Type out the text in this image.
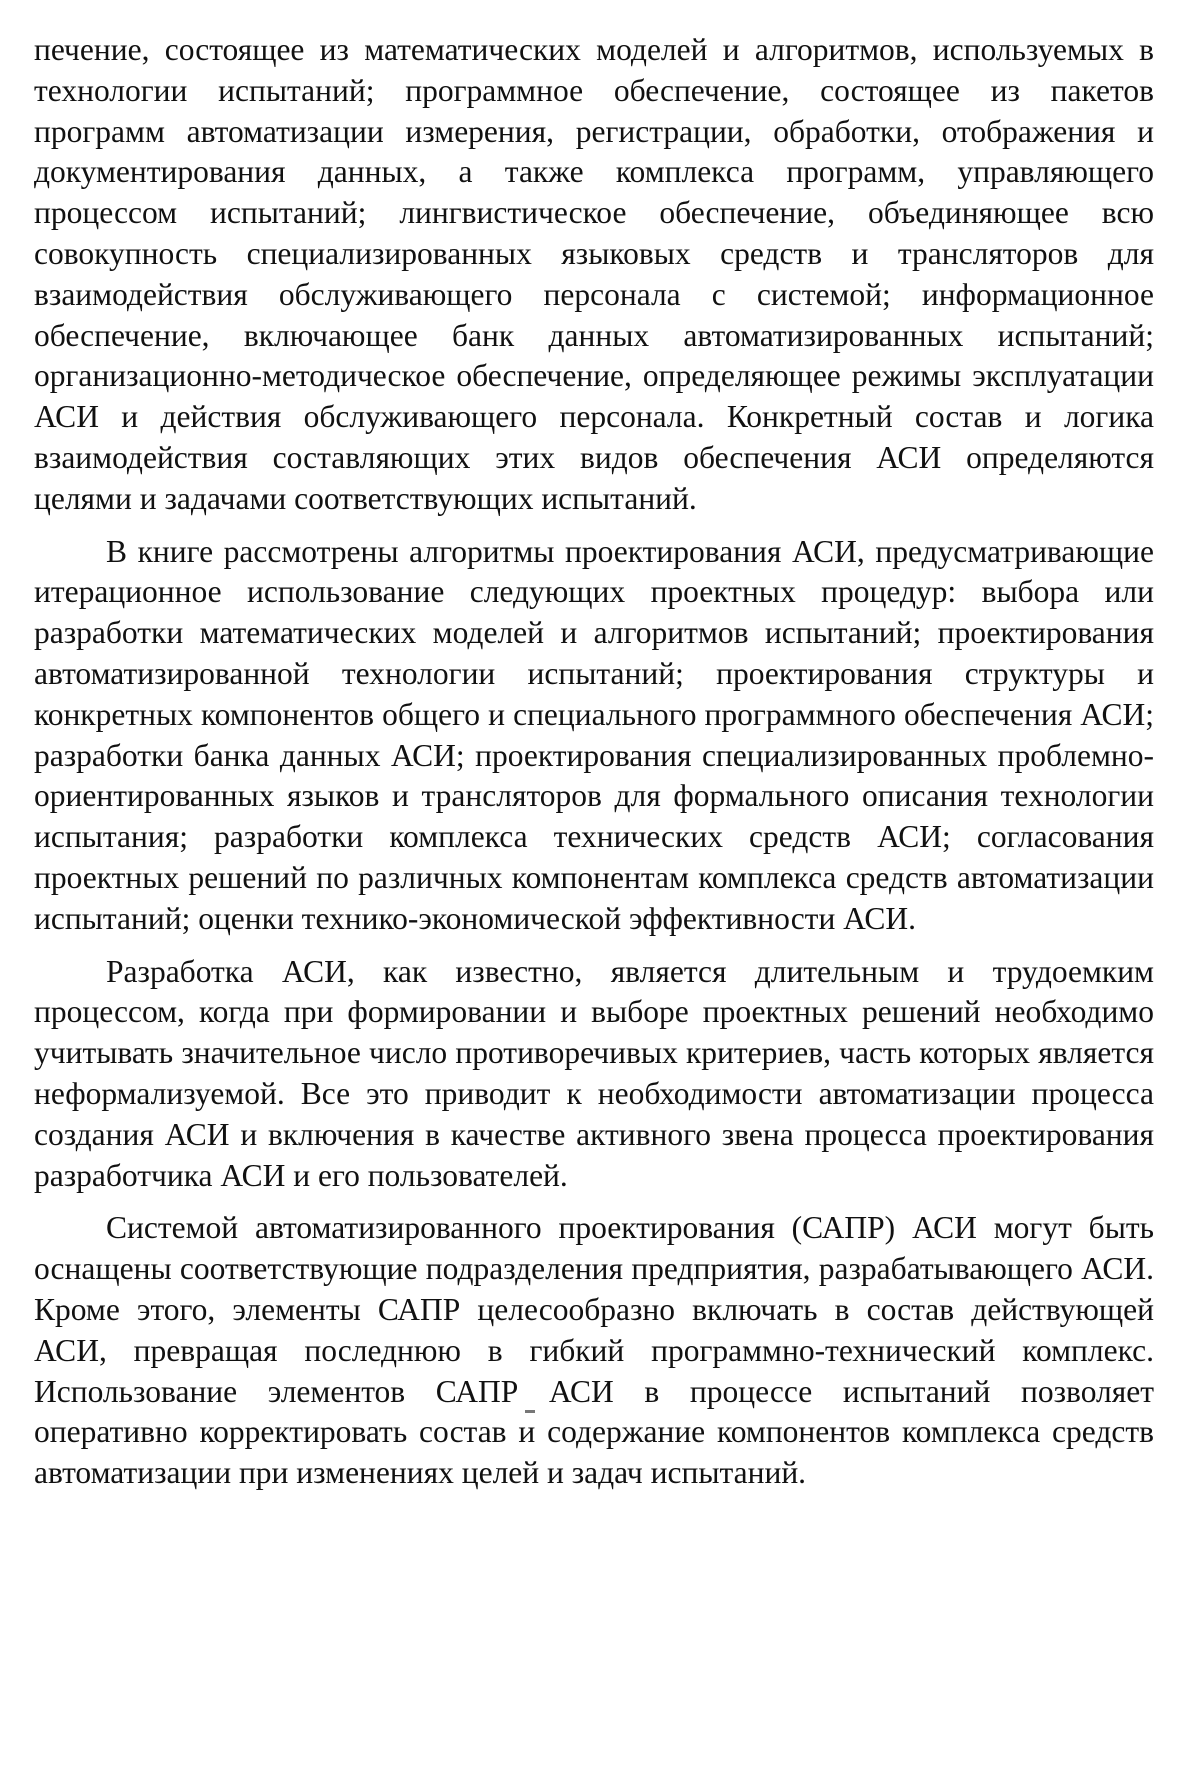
печение, состоящее из математических моделей и алгоритмов, используемых в технологии испытаний; программное обеспечение, состоящее из пакетов программ автоматизации измерения, регистрации, обработки, отображения и документирования данных, а также комплекса программ, управляющего процессом испытаний; лингвистическое обеспечение, объединяющее всю совокупность специализированных языковых средств и трансляторов для взаимодействия обслуживающего персонала с системой; информационное обеспечение, включающее банк данных автоматизированных испытаний; организационно-методическое обеспечение, определяющее режимы эксплуатации АСИ и действия обслуживающего персонала. Конкретный состав и логика взаимодействия составляющих этих видов обеспечения АСИ определяются целями и задачами соответствующих испытаний.

В книге рассмотрены алгоритмы проектирования АСИ, предусматривающие итерационное использование следующих проектных процедур: выбора или разработки математических моделей и алгоритмов испытаний; проектирования автоматизированной технологии испытаний; проектирования структуры и конкретных компонентов общего и специального программного обеспечения АСИ; разработки банка данных АСИ; проектирования специализированных проблемно-ориентированных языков и трансляторов для формального описания технологии испытания; разработки комплекса технических средств АСИ; согласования проектных решений по различных компонентам комплекса средств автоматизации испытаний; оценки технико-экономической эффективности АСИ.

Разработка АСИ, как известно, является длительным и трудоемким процессом, когда при формировании и выборе проектных решений необходимо учитывать значительное число противоречивых критериев, часть которых является неформализуемой. Все это приводит к необходимости автоматизации процесса создания АСИ и включения в качестве активного звена процесса проектирования разработчика АСИ и его пользователей.

Системой автоматизированного проектирования (САПР) АСИ могут быть оснащены соответствующие подразделения предприятия, разрабатывающего АСИ. Кроме этого, элементы САПР целесообразно включать в состав действующей АСИ, превращая последнюю в гибкий программно-технический комплекс. Использование элементов САПР АСИ в процессе испытаний позволяет оперативно корректировать состав и содержание компонентов комплекса средств автоматизации при изменениях целей и задач испытаний.
